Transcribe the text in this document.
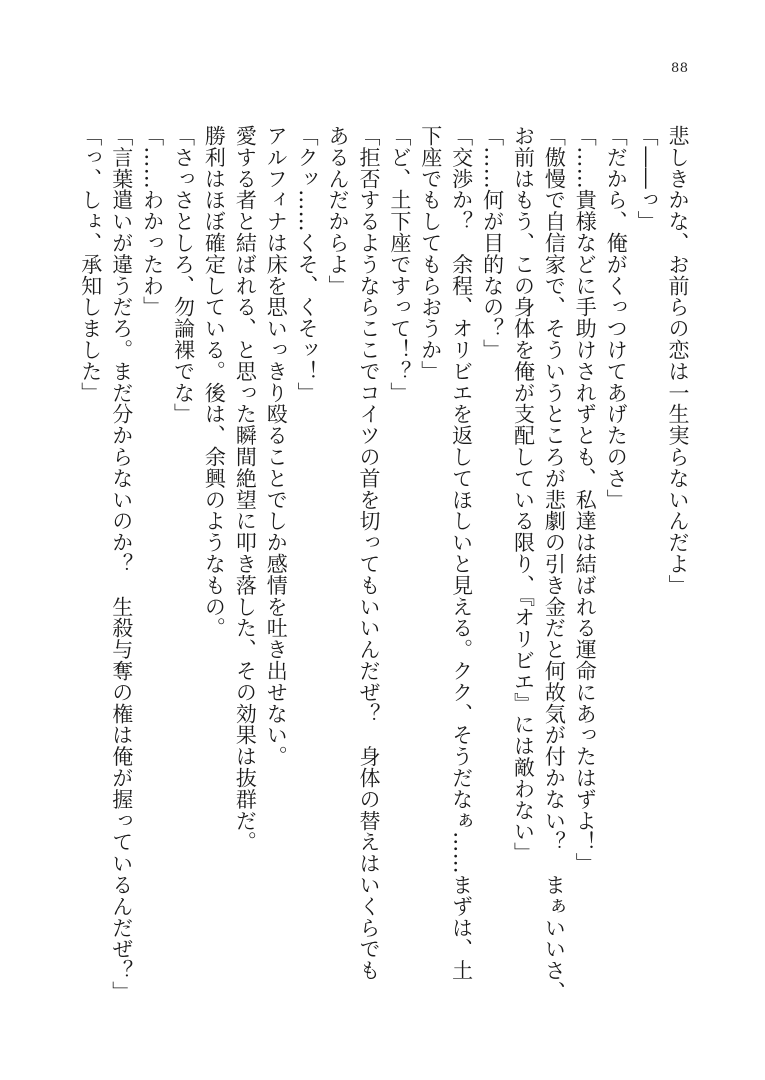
88
悲しきかな、お前らの恋は一生実らないんだよ」
「――っ」
「だから、俺がくっつけてあげたのさ」
「……貴様などに手助けされずとも、私達は結ばれる運命にあったはずよ！」
「傲慢で自信家で、そういうところが悲劇の引き金だと何故気が付かない？　まぁいいさ、
お前はもう、この身体を俺が支配している限り、『オリビエ』には敵わない」
「……何が目的なの？」
「交渉か？　余程、オリビエを返してほしいと見える。クク、そうだなぁ……まずは、土
下座でもしてもらおうか」
「ど、土下座ですって！？」
「拒否するようならここでコイツの首を切ってもいいんだぜ？　身体の替えはいくらでも
あるんだからよ」
「クッ……くそ、くそッ！」
アルフィナは床を思いっきり殴ることでしか感情を吐き出せない。
愛する者と結ばれる、と思った瞬間絶望に叩き落した、その効果は抜群だ。
勝利はほぼ確定している。後は、余興のようなもの。
「さっさとしろ、勿論裸でな」
「……わかったわ」
「言葉遣いが違うだろ。まだ分からないのか？　生殺与奪の権は俺が握っているんだぜ？」
「っ、しょ、承知しました」
